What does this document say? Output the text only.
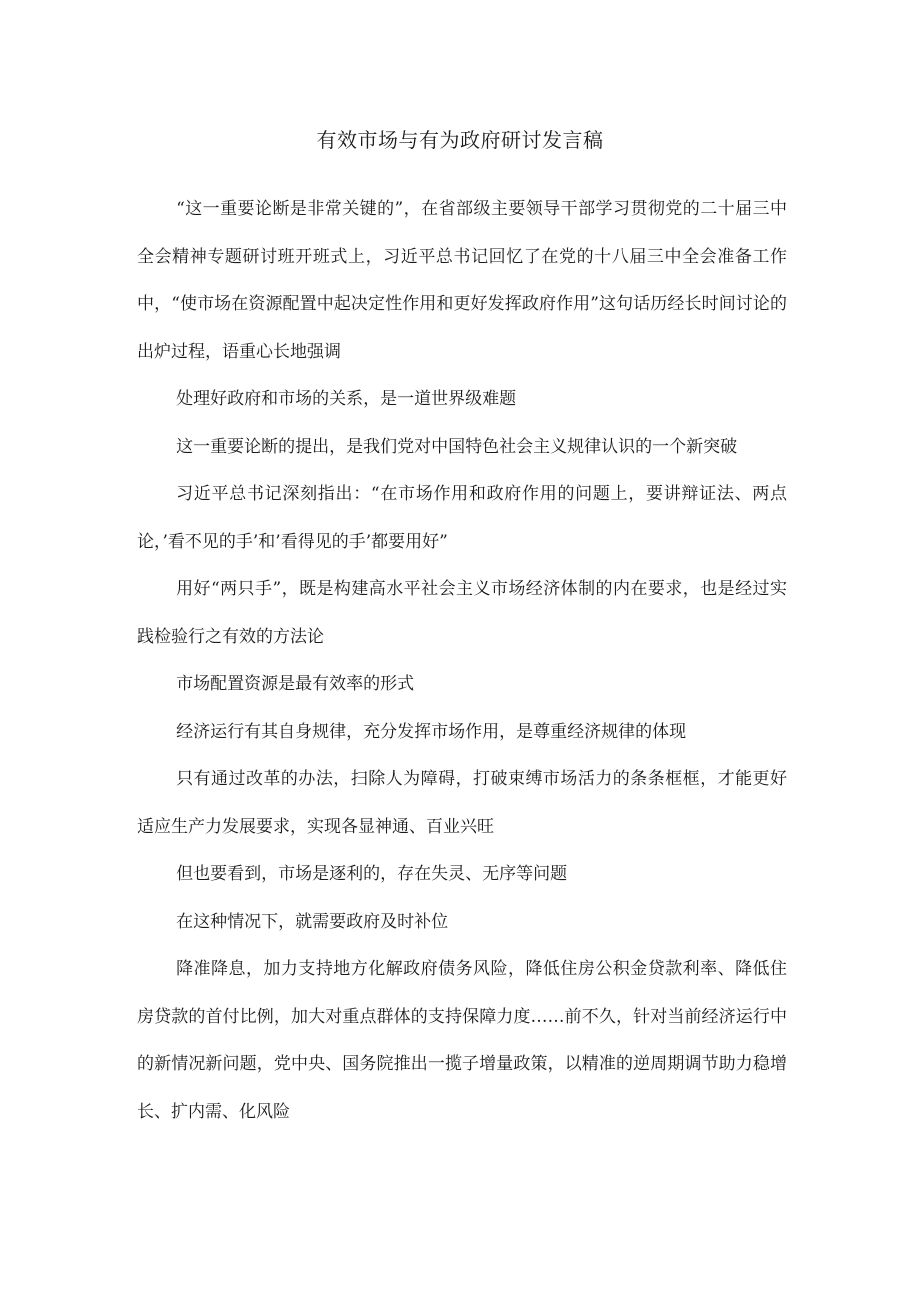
有效市场与有为政府研讨发言稿

“这一重要论断是非常关键的”，在省部级主要领导干部学习贯彻党的二十届三中全会精神专题研讨班开班式上，习近平总书记回忆了在党的十八届三中全会准备工作中，“使市场在资源配置中起决定性作用和更好发挥政府作用”这句话历经长时间讨论的出炉过程，语重心长地强调

处理好政府和市场的关系，是一道世界级难题

这一重要论断的提出，是我们党对中国特色社会主义规律认识的一个新突破

习近平总书记深刻指出：“在市场作用和政府作用的问题上，要讲辩证法、两点论，’看不见的手’和’看得见的手’都要用好”

用好“两只手”，既是构建高水平社会主义市场经济体制的内在要求，也是经过实践检验行之有效的方法论

市场配置资源是最有效率的形式

经济运行有其自身规律，充分发挥市场作用，是尊重经济规律的体现

只有通过改革的办法，扫除人为障碍，打破束缚市场活力的条条框框，才能更好适应生产力发展要求，实现各显神通、百业兴旺

但也要看到，市场是逐利的，存在失灵、无序等问题

在这种情况下，就需要政府及时补位

降准降息，加力支持地方化解政府债务风险，降低住房公积金贷款利率、降低住房贷款的首付比例，加大对重点群体的支持保障力度……前不久，针对当前经济运行中的新情况新问题，党中央、国务院推出一揽子增量政策，以精准的逆周期调节助力稳增长、扩内需、化风险
